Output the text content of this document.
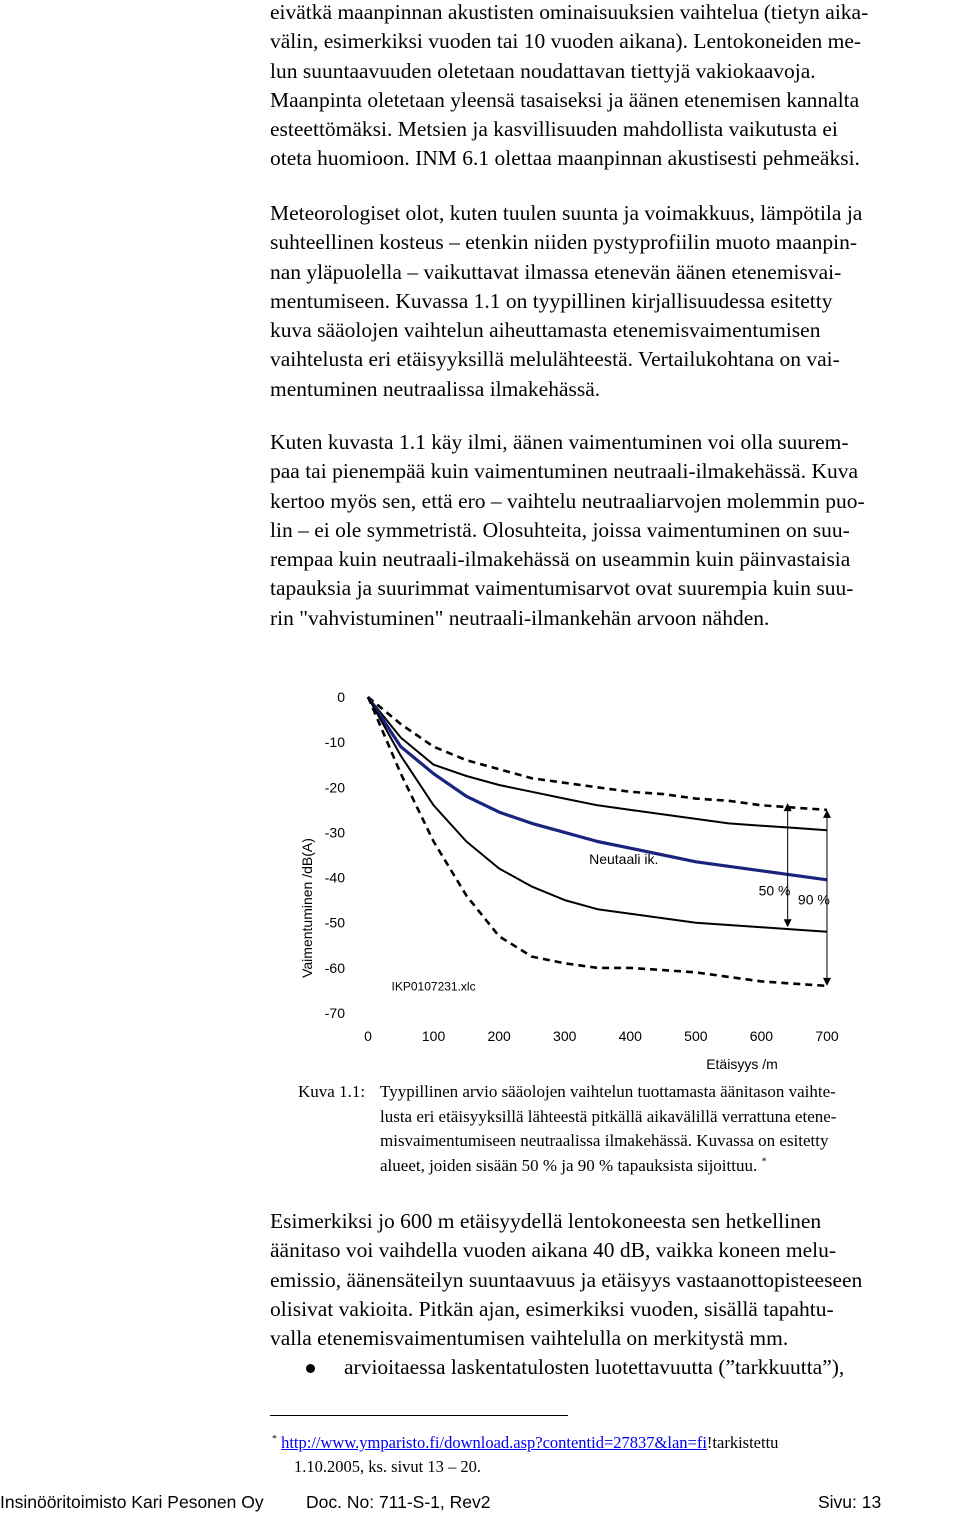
eivätkä maanpinnan akustisten ominaisuuksien vaihtelua (tietyn aika-
välin, esimerkiksi vuoden tai 10 vuoden aikana). Lentokoneiden me-
lun suuntaavuuden oletetaan noudattavan tiettyjä vakiokaavoja.
Maanpinta oletetaan yleensä tasaiseksi ja äänen etenemisen kannalta
esteettömäksi. Metsien ja kasvillisuuden mahdollista vaikutusta ei
oteta huomioon. INM 6.1 olettaa maanpinnan akustisesti pehmeäksi.
Meteorologiset olot, kuten tuulen suunta ja voimakkuus, lämpötila ja
suhteellinen kosteus – etenkin niiden pystyprofiilin muoto maanpin-
nan yläpuolella – vaikuttavat ilmassa etenevän äänen etenemisvai-
mentumiseen. Kuvassa 1.1 on tyypillinen kirjallisuudessa esitetty
kuva sääolojen vaihtelun aiheuttamasta etenemisvaimentumisen
vaihtelusta eri etäisyyksillä melulähteestä. Vertailukohtana on vai-
mentuminen neutraalissa ilmakehässä.
Kuten kuvasta 1.1 käy ilmi, äänen vaimentuminen voi olla suurem-
paa tai pienempää kuin vaimentuminen neutraali-ilmakehässä. Kuva
kertoo myös sen, että ero – vaihtelu neutraaliarvojen molemmin puo-
lin – ei ole symmetristä. Olosuhteita, joissa vaimentuminen on suu-
rempaa kuin neutraali-ilmakehässä on useammin kuin päinvastaisia
tapauksia ja suurimmat vaimentumisarvot ovat suurempia kuin suu-
rin "vahvistuminen" neutraali-ilmankehän arvoon nähden.
0
-10
-20
-30
-40
-50
-60
-70
0	100	200	300	400	500	600	700
Vaimentuminen /dB(A)
Etäisyys /m
Neutaali ik.
50 %
90 %
IKP0107231.xlc
Kuva 1.1: Tyypillinen arvio sääolojen vaihtelun tuottamasta äänitason vaihte-
lusta eri etäisyyksillä lähteestä pitkällä aikavälillä verrattuna etene-
misvaimentumiseen neutraalissa ilmakehässä. Kuvassa on esitetty
alueet, joiden sisään 50 % ja 90 % tapauksista sijoittuu. *
Esimerkiksi jo 600 m etäisyydellä lentokoneesta sen hetkellinen
äänitaso voi vaihdella vuoden aikana 40 dB, vaikka koneen melu-
emissio, äänensäteilyn suuntaavuus ja etäisyys vastaanottopisteeseen
olisivat vakioita. Pitkän ajan, esimerkiksi vuoden, sisällä tapahtu-
valla etenemisvaimentumisen vaihtelulla on merkitystä mm.
arvioitaessa laskentatulosten luotettavuutta (”tarkkuutta”),
* http://www.ymparisto.fi/download.asp?contentid=27837&lan=fi!tarkistettu
1.10.2005, ks. sivut 13 – 20.
Insinööritoimisto Kari Pesonen Oy Doc. No: 711-S-1, Rev2	Sivu: 13
